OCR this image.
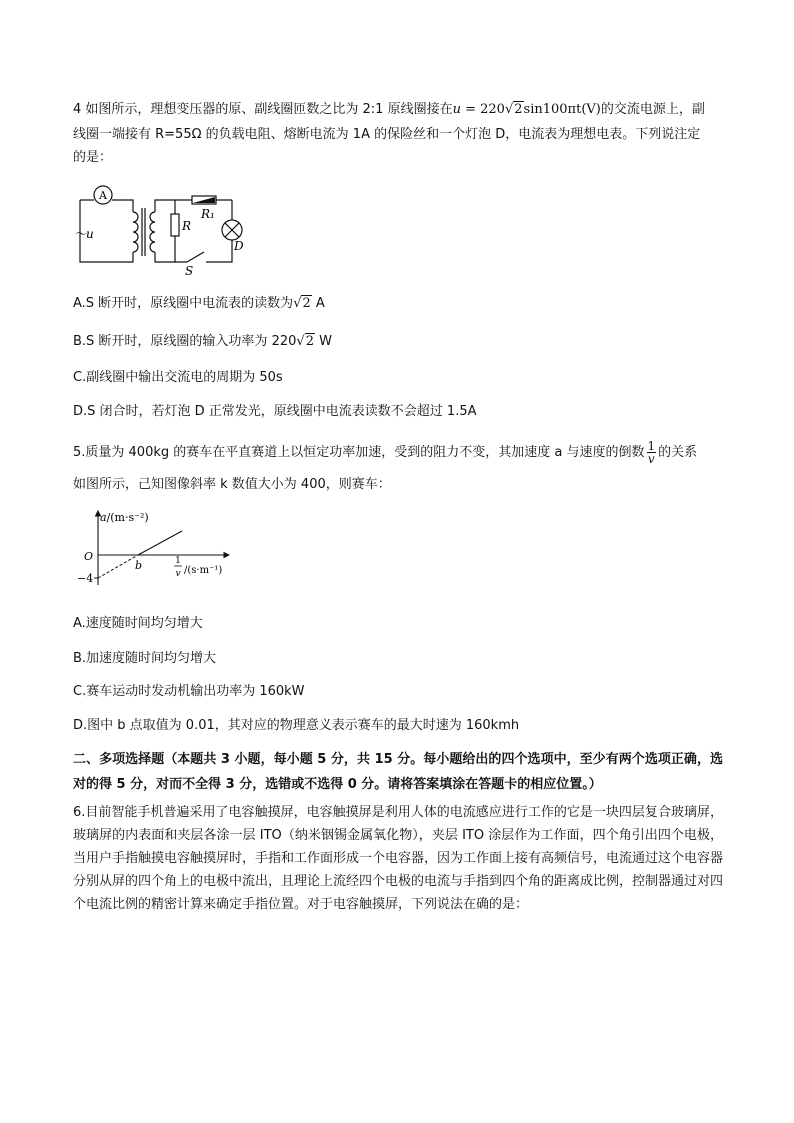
4 如图所示，理想变压器的原、副线圈匝数之比为 2:1 原线圈接在u = 220√2sin100πt(V)的交流电源上，副
线圈一端接有 R=55Ω 的负载电阻、熔断电流为 1A 的保险丝和一个灯泡 D，电流表为理想电表。下列说注定
的是：
A
～u
R
R₁
D
S
A.S 断开时，原线圈中电流表的读数为√2 A
B.S 断开时，原线圈的输入功率为 220√2 W
C.副线圈中输出交流电的周期为 50s
D.S 闭合时，若灯泡 D 正常发光，原线圈中电流表读数不会超过 1.5A
5.质量为 400kg 的赛车在平直赛道上以恒定功率加速，受到的阻力不变，其加速度 a 与速度的倒数 $\frac{1}{v}$ 的关系
如图所示，己知图像斜率 k 数值大小为 400，则赛车：
a/(m·s⁻²)
O
−4
b	1
v /(s·m⁻¹)
A.速度随时间均匀增大
B.加速度随时间均匀增大
C.赛车运动时发动机输出功率为 160kW
D.图中 b 点取值为 0.01，其对应的物理意义表示赛车的最大时速为 160kmh
二、多项选择题（本题共 3 小题，每小题 5 分，共 15 分。每小题给出的四个选项中，至少有两个选项正确，选对的得 5 分，对而不全得 3 分，选错或不选得 0 分。请将答案填涂在答题卡的相应位置。）
6.目前智能手机普遍采用了电容触摸屏，电容触摸屏是利用人体的电流感应进行工作的它是一块四层复合玻璃屏，玻璃屏的内表面和夹层各涂一层 ITO（纳米铟锡金属氧化物），夹层 ITO 涂层作为工作面，四个角引出四个电极，当用户手指触摸电容触摸屏时，手指和工作面形成一个电容器，因为工作面上接有高频信号，电流通过这个电容器分别从屏的四个角上的电极中流出，且理论上流经四个电极的电流与手指到四个角的距离成比例，控制器通过对四个电流比例的精密计算来确定手指位置。对于电容触摸屏，下列说法在确的是：
